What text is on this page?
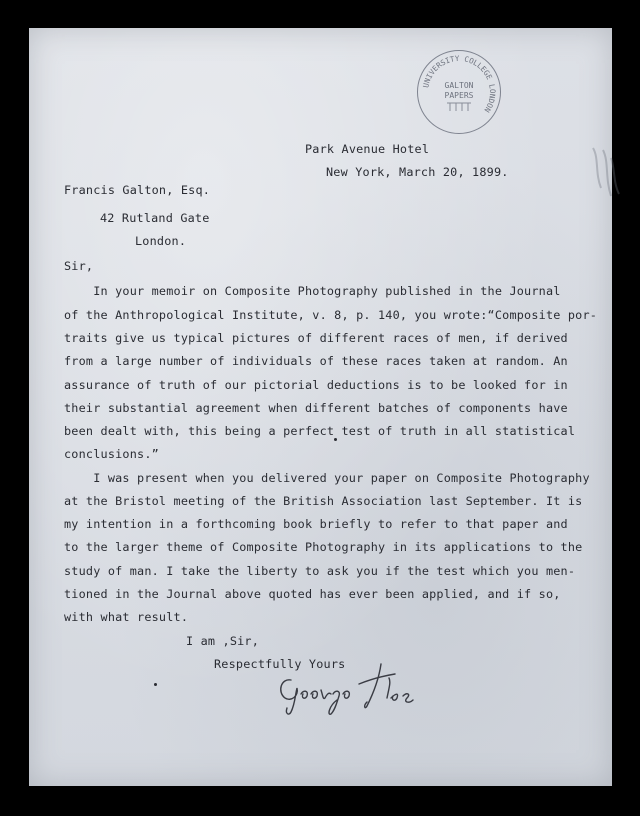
UNIVERSITY COLLEGE LONDON
GALTON
PAPERS
Park Avenue Hotel
New York, March 20, 1899.
Francis Galton, Esq.
42 Rutland Gate
London.
Sir,
In your memoir on Composite Photography published in the Journal
of the Anthropological Institute, v. 8, p. 140, you wrote:“Composite por-
traits give us typical pictures of different races of men, if derived
from a large number of individuals of these races taken at random. An
assurance of truth of our pictorial deductions is to be looked for in
their substantial agreement when different batches of components have
been dealt with, this being a perfect test of truth in all statistical
conclusions.”
I was present when you delivered your paper on Composite Photography
at the Bristol meeting of the British Association last September. It is
my intention in a forthcoming book briefly to refer to that paper and
to the larger theme of Composite Photography in its applications to the
study of man. I take the liberty to ask you if the test which you men-
tioned in the Journal above quoted has ever been applied, and if so,
with what result.
I am ,Sir,
Respectfully Yours
